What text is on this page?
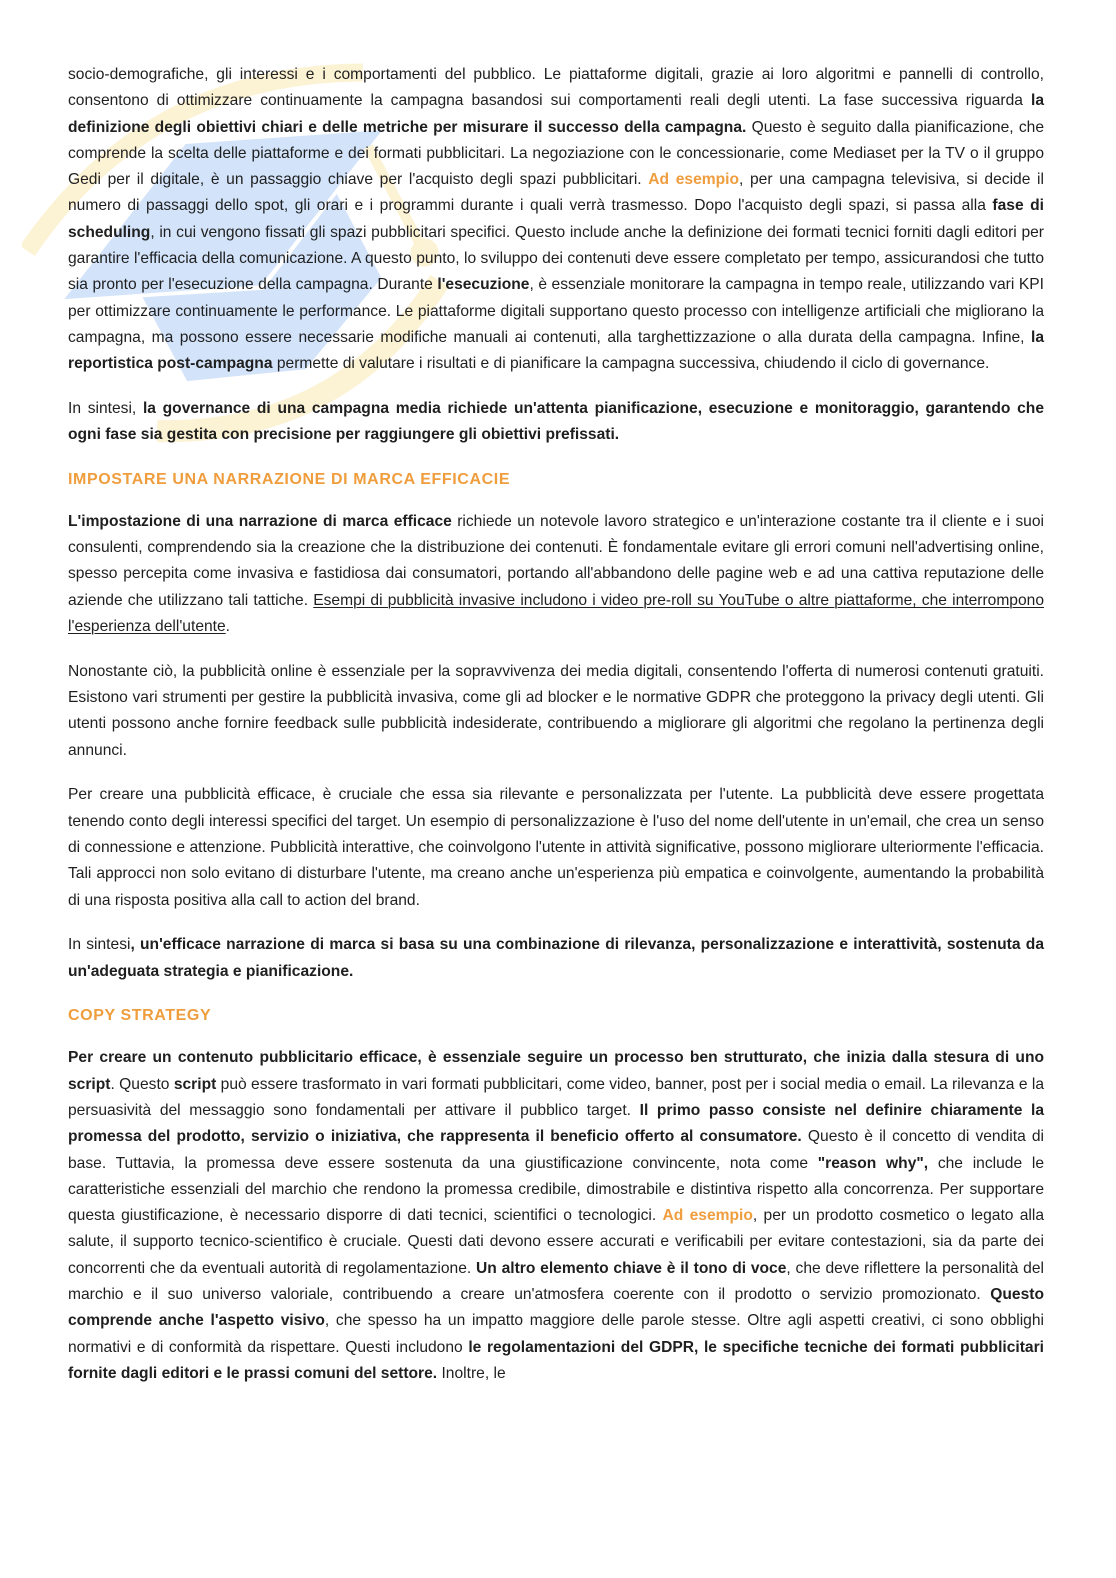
socio-demografiche, gli interessi e i comportamenti del pubblico. Le piattaforme digitali, grazie ai loro algoritmi e pannelli di controllo, consentono di ottimizzare continuamente la campagna basandosi sui comportamenti reali degli utenti. La fase successiva riguarda la definizione degli obiettivi chiari e delle metriche per misurare il successo della campagna. Questo è seguito dalla pianificazione, che comprende la scelta delle piattaforme e dei formati pubblicitari. La negoziazione con le concessionarie, come Mediaset per la TV o il gruppo Gedi per il digitale, è un passaggio chiave per l'acquisto degli spazi pubblicitari. Ad esempio, per una campagna televisiva, si decide il numero di passaggi dello spot, gli orari e i programmi durante i quali verrà trasmesso. Dopo l'acquisto degli spazi, si passa alla fase di scheduling, in cui vengono fissati gli spazi pubblicitari specifici. Questo include anche la definizione dei formati tecnici forniti dagli editori per garantire l'efficacia della comunicazione. A questo punto, lo sviluppo dei contenuti deve essere completato per tempo, assicurandosi che tutto sia pronto per l'esecuzione della campagna. Durante l'esecuzione, è essenziale monitorare la campagna in tempo reale, utilizzando vari KPI per ottimizzare continuamente le performance. Le piattaforme digitali supportano questo processo con intelligenze artificiali che migliorano la campagna, ma possono essere necessarie modifiche manuali ai contenuti, alla targhettizzazione o alla durata della campagna. Infine, la reportistica post-campagna permette di valutare i risultati e di pianificare la campagna successiva, chiudendo il ciclo di governance.

In sintesi, la governance di una campagna media richiede un'attenta pianificazione, esecuzione e monitoraggio, garantendo che ogni fase sia gestita con precisione per raggiungere gli obiettivi prefissati.

IMPOSTARE UNA NARRAZIONE DI MARCA EFFICACIE

L'impostazione di una narrazione di marca efficace richiede un notevole lavoro strategico e un'interazione costante tra il cliente e i suoi consulenti, comprendendo sia la creazione che la distribuzione dei contenuti. È fondamentale evitare gli errori comuni nell'advertising online, spesso percepita come invasiva e fastidiosa dai consumatori, portando all'abbandono delle pagine web e ad una cattiva reputazione delle aziende che utilizzano tali tattiche. Esempi di pubblicità invasive includono i video pre-roll su YouTube o altre piattaforme, che interrompono l'esperienza dell'utente.

Nonostante ciò, la pubblicità online è essenziale per la sopravvivenza dei media digitali, consentendo l'offerta di numerosi contenuti gratuiti. Esistono vari strumenti per gestire la pubblicità invasiva, come gli ad blocker e le normative GDPR che proteggono la privacy degli utenti. Gli utenti possono anche fornire feedback sulle pubblicità indesiderate, contribuendo a migliorare gli algoritmi che regolano la pertinenza degli annunci.

Per creare una pubblicità efficace, è cruciale che essa sia rilevante e personalizzata per l'utente. La pubblicità deve essere progettata tenendo conto degli interessi specifici del target. Un esempio di personalizzazione è l'uso del nome dell'utente in un'email, che crea un senso di connessione e attenzione. Pubblicità interattive, che coinvolgono l'utente in attività significative, possono migliorare ulteriormente l'efficacia. Tali approcci non solo evitano di disturbare l'utente, ma creano anche un'esperienza più empatica e coinvolgente, aumentando la probabilità di una risposta positiva alla call to action del brand.

In sintesi, un'efficace narrazione di marca si basa su una combinazione di rilevanza, personalizzazione e interattività, sostenuta da un'adeguata strategia e pianificazione.

COPY STRATEGY

Per creare un contenuto pubblicitario efficace, è essenziale seguire un processo ben strutturato, che inizia dalla stesura di uno script. Questo script può essere trasformato in vari formati pubblicitari, come video, banner, post per i social media o email. La rilevanza e la persuasività del messaggio sono fondamentali per attivare il pubblico target. Il primo passo consiste nel definire chiaramente la promessa del prodotto, servizio o iniziativa, che rappresenta il beneficio offerto al consumatore. Questo è il concetto di vendita di base. Tuttavia, la promessa deve essere sostenuta da una giustificazione convincente, nota come "reason why", che include le caratteristiche essenziali del marchio che rendono la promessa credibile, dimostrabile e distintiva rispetto alla concorrenza. Per supportare questa giustificazione, è necessario disporre di dati tecnici, scientifici o tecnologici. Ad esempio, per un prodotto cosmetico o legato alla salute, il supporto tecnico-scientifico è cruciale. Questi dati devono essere accurati e verificabili per evitare contestazioni, sia da parte dei concorrenti che da eventuali autorità di regolamentazione. Un altro elemento chiave è il tono di voce, che deve riflettere la personalità del marchio e il suo universo valoriale, contribuendo a creare un'atmosfera coerente con il prodotto o servizio promozionato. Questo comprende anche l'aspetto visivo, che spesso ha un impatto maggiore delle parole stesse. Oltre agli aspetti creativi, ci sono obblighi normativi e di conformità da rispettare. Questi includono le regolamentazioni del GDPR, le specifiche tecniche dei formati pubblicitari fornite dagli editori e le prassi comuni del settore. Inoltre, le
